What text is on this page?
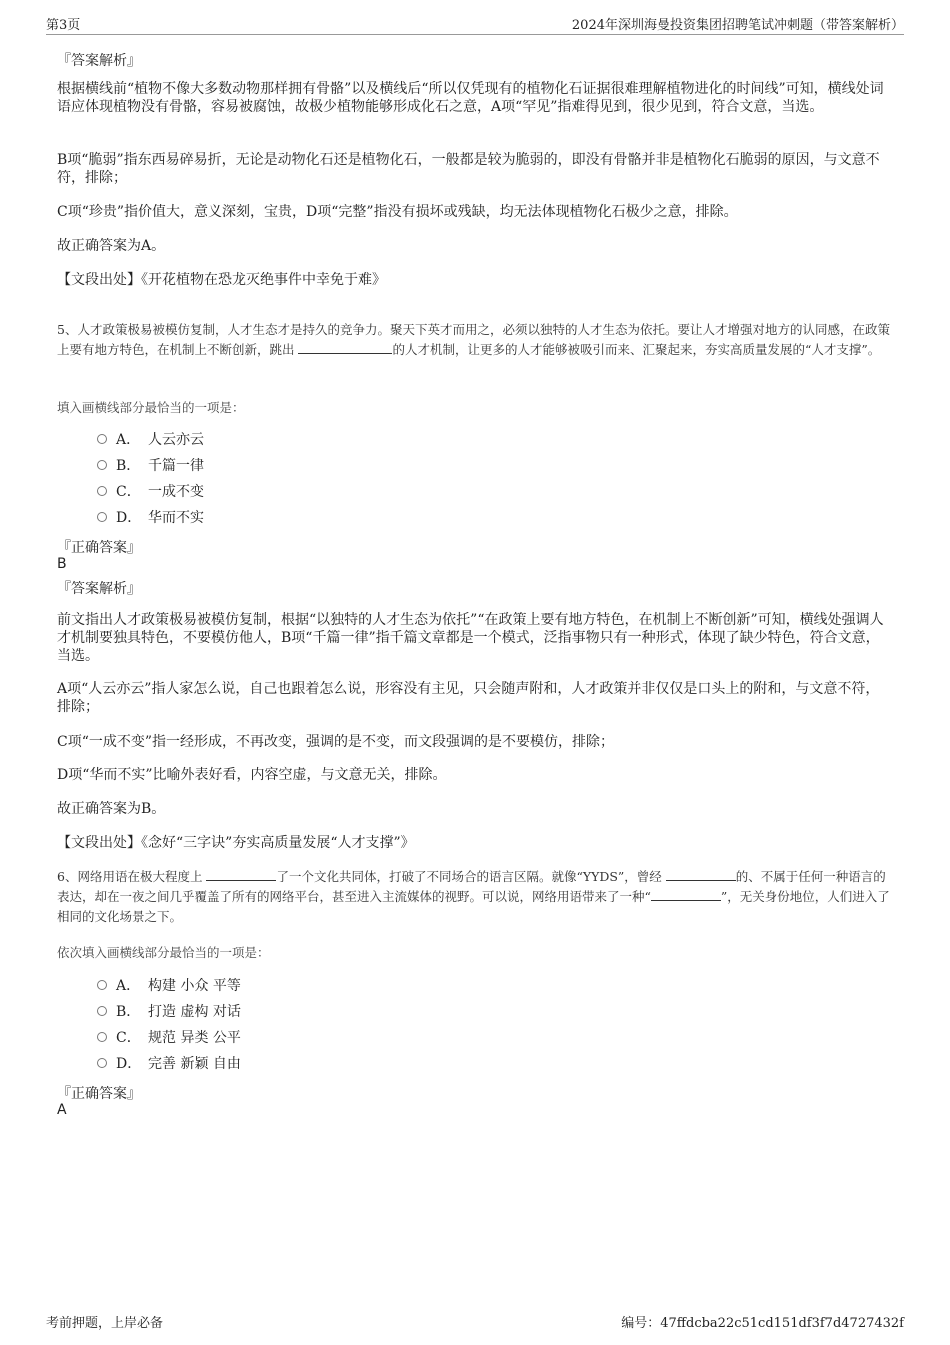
第3页	2024年深圳海曼投资集团招聘笔试冲刺题（带答案解析）
『答案解析』
根据横线前“植物不像大多数动物那样拥有骨骼”以及横线后“所以仅凭现有的植物化石证据很难理解植物进化的时间线”可知，横线处词语应体现植物没有骨骼，容易被腐蚀，故极少植物能够形成化石之意，A项“罕见”指难得见到，很少见到，符合文意，当选。
B项“脆弱”指东西易碎易折，无论是动物化石还是植物化石，一般都是较为脆弱的，即没有骨骼并非是植物化石脆弱的原因，与文意不符，排除；
C项“珍贵”指价值大，意义深刻，宝贵，D项“完整”指没有损坏或残缺，均无法体现植物化石极少之意，排除。
故正确答案为A。
【文段出处】《开花植物在恐龙灭绝事件中幸免于难》
5、人才政策极易被模仿复制，人才生态才是持久的竞争力。聚天下英才而用之，必须以独特的人才生态为依托。要让人才增强对地方的认同感，在政策上要有地方特色，在机制上不断创新，跳出	的人才机制，让更多的人才能够被吸引而来、汇聚起来，夯实高质量发展的“人才支撑”。
填入画横线部分最恰当的一项是：
A． 人云亦云
B． 千篇一律
C． 一成不变
D． 华而不实
『正确答案』
B
『答案解析』
前文指出人才政策极易被模仿复制，根据“以独特的人才生态为依托”“在政策上要有地方特色，在机制上不断创新”可知，横线处强调人才机制要独具特色，不要模仿他人，B项“千篇一律”指千篇文章都是一个模式，泛指事物只有一种形式，体现了缺少特色，符合文意，当选。
A项“人云亦云”指人家怎么说，自己也跟着怎么说，形容没有主见，只会随声附和，人才政策并非仅仅是口头上的附和，与文意不符，排除；
C项“一成不变”指一经形成，不再改变，强调的是不变，而文段强调的是不要模仿，排除；
D项“华而不实”比喻外表好看，内容空虚，与文意无关，排除。
故正确答案为B。
【文段出处】《念好“三字诀”夯实高质量发展“人才支撑”》
6、网络用语在极大程度上	了一个文化共同体，打破了不同场合的语言区隔。就像“YYDS”，曾经	的、不属于任何一种语言的表达，却在一夜之间几乎覆盖了所有的网络平台，甚至进入主流媒体的视野。可以说，网络用语带来了一种“	”，无关身份地位，人们进入了相同的文化场景之下。
依次填入画横线部分最恰当的一项是：
A． 构建 小众 平等
B． 打造 虚构 对话
C． 规范 异类 公平
D． 完善 新颖 自由
『正确答案』
A
考前押题，上岸必备	编号：47ffdcba22c51cd151df3f7d4727432f
